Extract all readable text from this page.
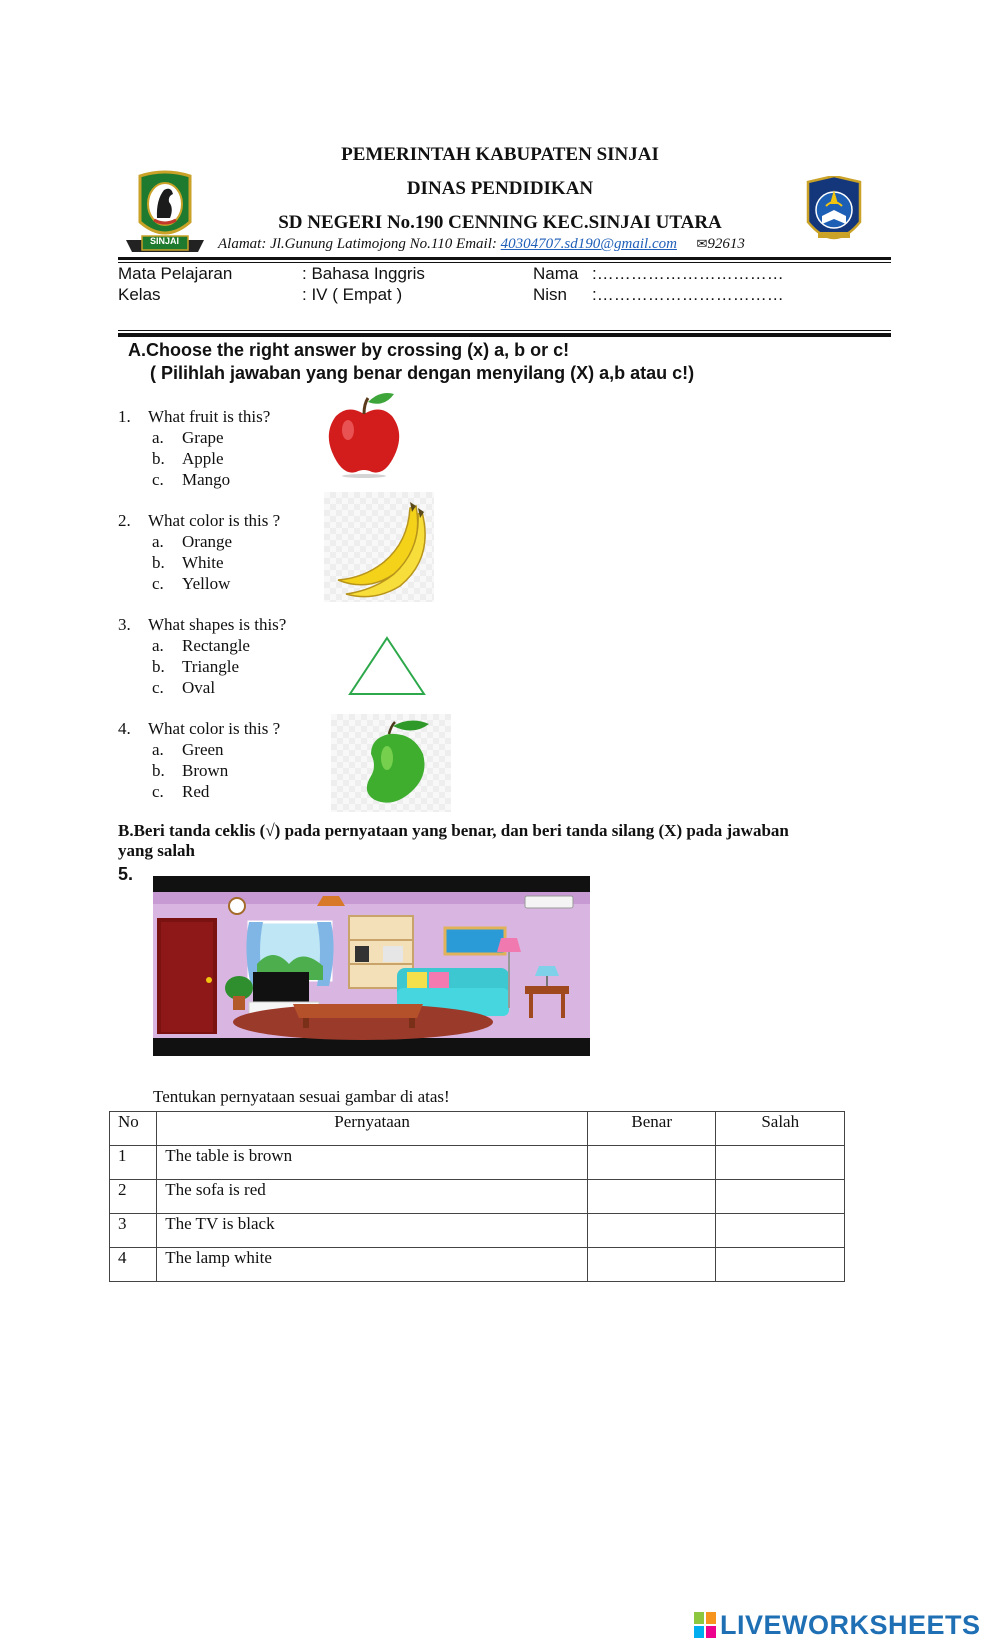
PEMERINTAH KABUPATEN SINJAI
DINAS PENDIDIKAN
SD NEGERI No.190 CENNING KEC.SINJAI UTARA
SINJAI	Alamat: Jl.Gunung Latimojong No.110 Email: 40304707.sd190@gmail.com ✉92613
Mata Pelajaran	: Bahasa Inggris	Nama :……………………………
Kelas	: IV ( Empat )	Nisn :……………………………
A.Choose the right answer by crossing (x) a, b or c!
( Pilihlah jawaban yang benar dengan menyilang (X) a,b atau c!)
1. What fruit is this?
a. Grape
b. Apple
c. Mango
2. What color is this ?
a. Orange
b. White
c. Yellow
3. What shapes is this?
a. Rectangle
b. Triangle
c. Oval
4. What color is this ?
a. Green
b. Brown
c. Red
B.Beri tanda ceklis (√) pada pernyataan yang benar, dan beri tanda silang (X) pada jawaban
yang salah
5.
Tentukan pernyataan sesuai gambar di atas!
No	Pernyataan	Benar	Salah
1	The table is brown		
2	The sofa is red		
3	The TV is black		
4	The lamp white		
LIVEWORKSHEETS
